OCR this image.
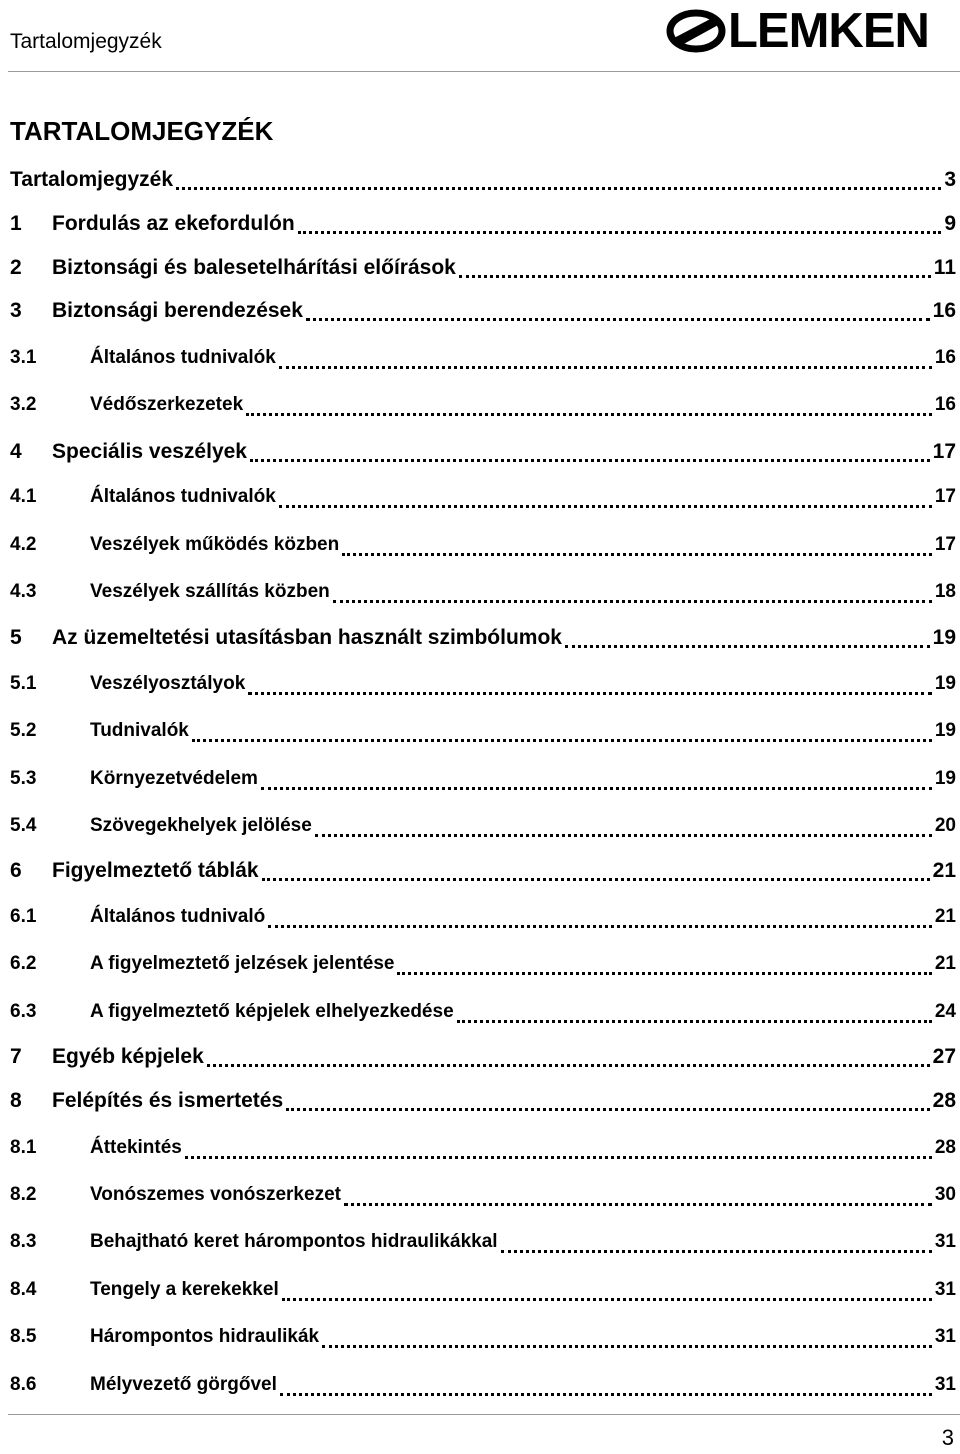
Tartalomjegyzék	LEMKEN
TARTALOMJEGYZÉK
Tartalomjegyzék	3
1	Fordulás az ekefordulón	9
2	Biztonsági és balesetelhárítási előírások	11
3	Biztonsági berendezések	16
3.1	Általános tudnivalók	16
3.2	Védőszerkezetek	16
4	Speciális veszélyek	17
4.1	Általános tudnivalók	17
4.2	Veszélyek működés közben	17
4.3	Veszélyek szállítás közben	18
5	Az üzemeltetési utasításban használt szimbólumok	19
5.1	Veszélyosztályok	19
5.2	Tudnivalók	19
5.3	Környezetvédelem	19
5.4	Szövegekhelyek jelölése	20
6	Figyelmeztető táblák	21
6.1	Általános tudnivaló	21
6.2	A figyelmeztető jelzések jelentése	21
6.3	A figyelmeztető képjelek elhelyezkedése	24
7	Egyéb képjelek	27
8	Felépítés és ismertetés	28
8.1	Áttekintés	28
8.2	Vonószemes vonószerkezet	30
8.3	Behajtható keret hárompontos hidraulikákkal	31
8.4	Tengely a kerekekkel	31
8.5	Hárompontos hidraulikák	31
8.6	Mélyvezető görgővel	31
3
